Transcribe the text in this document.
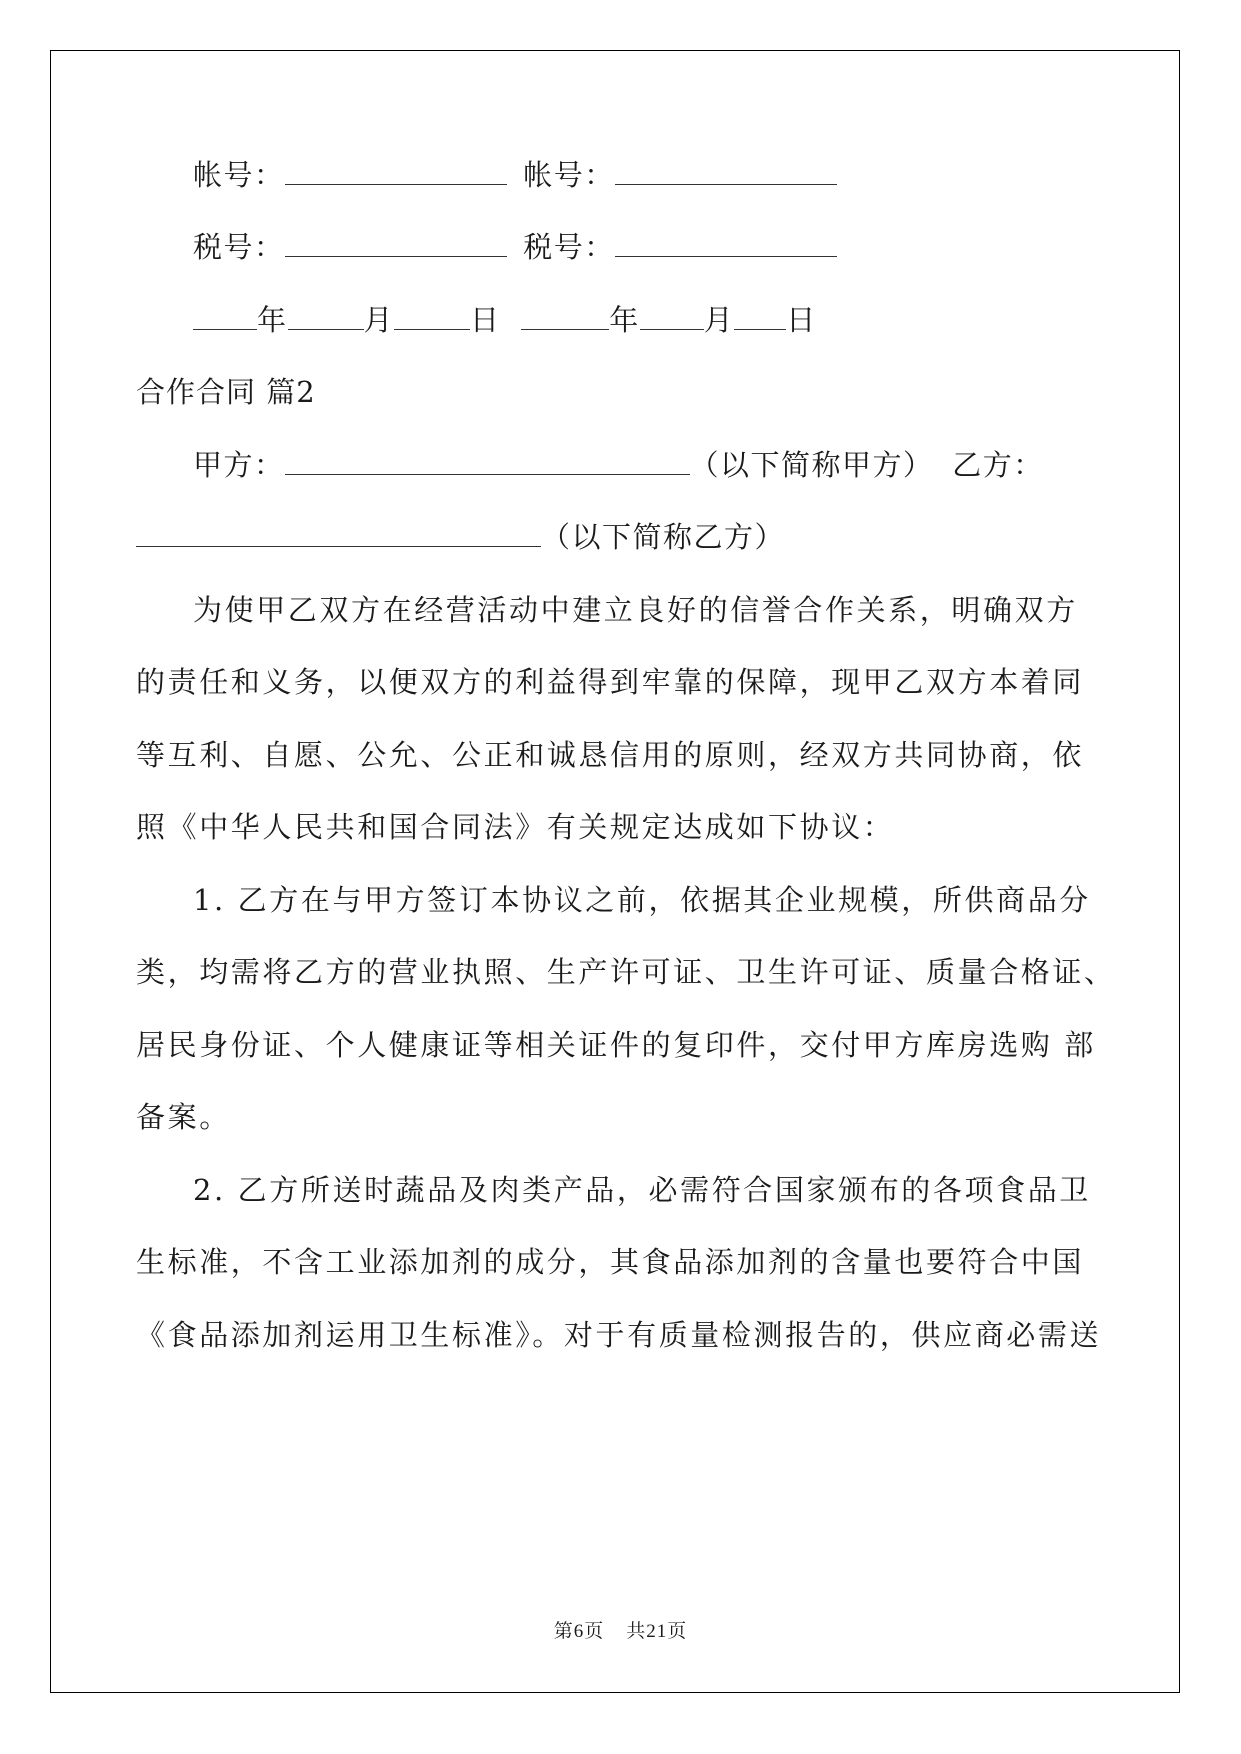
帐号：	帐号：
税号：	税号：
年	月	日	年 月 日
合作合同 篇2
甲方：	（以下简称甲方） 乙方：
（以下简称乙方）
为使甲乙双方在经营活动中建立良好的信誉合作关系，明确双方
的责任和义务，以便双方的利益得到牢靠的保障，现甲乙双方本着同
等互利、自愿、公允、公正和诚恳信用的原则，经双方共同协商，依
照《中华人民共和国合同法》有关规定达成如下协议：
1. 乙方在与甲方签订本协议之前，依据其企业规模，所供商品分
类，均需将乙方的营业执照、生产许可证、卫生许可证、质量合格证、
居民身份证、个人健康证等相关证件的复印件，交付甲方库房选购 部
备案。
2. 乙方所送时蔬品及肉类产品，必需符合国家颁布的各项食品卫
生标准，不含工业添加剂的成分，其食品添加剂的含量也要符合中国
《食品添加剂运用卫生标准》。对于有质量检测报告的，供应商必需送
第6页 共21页
